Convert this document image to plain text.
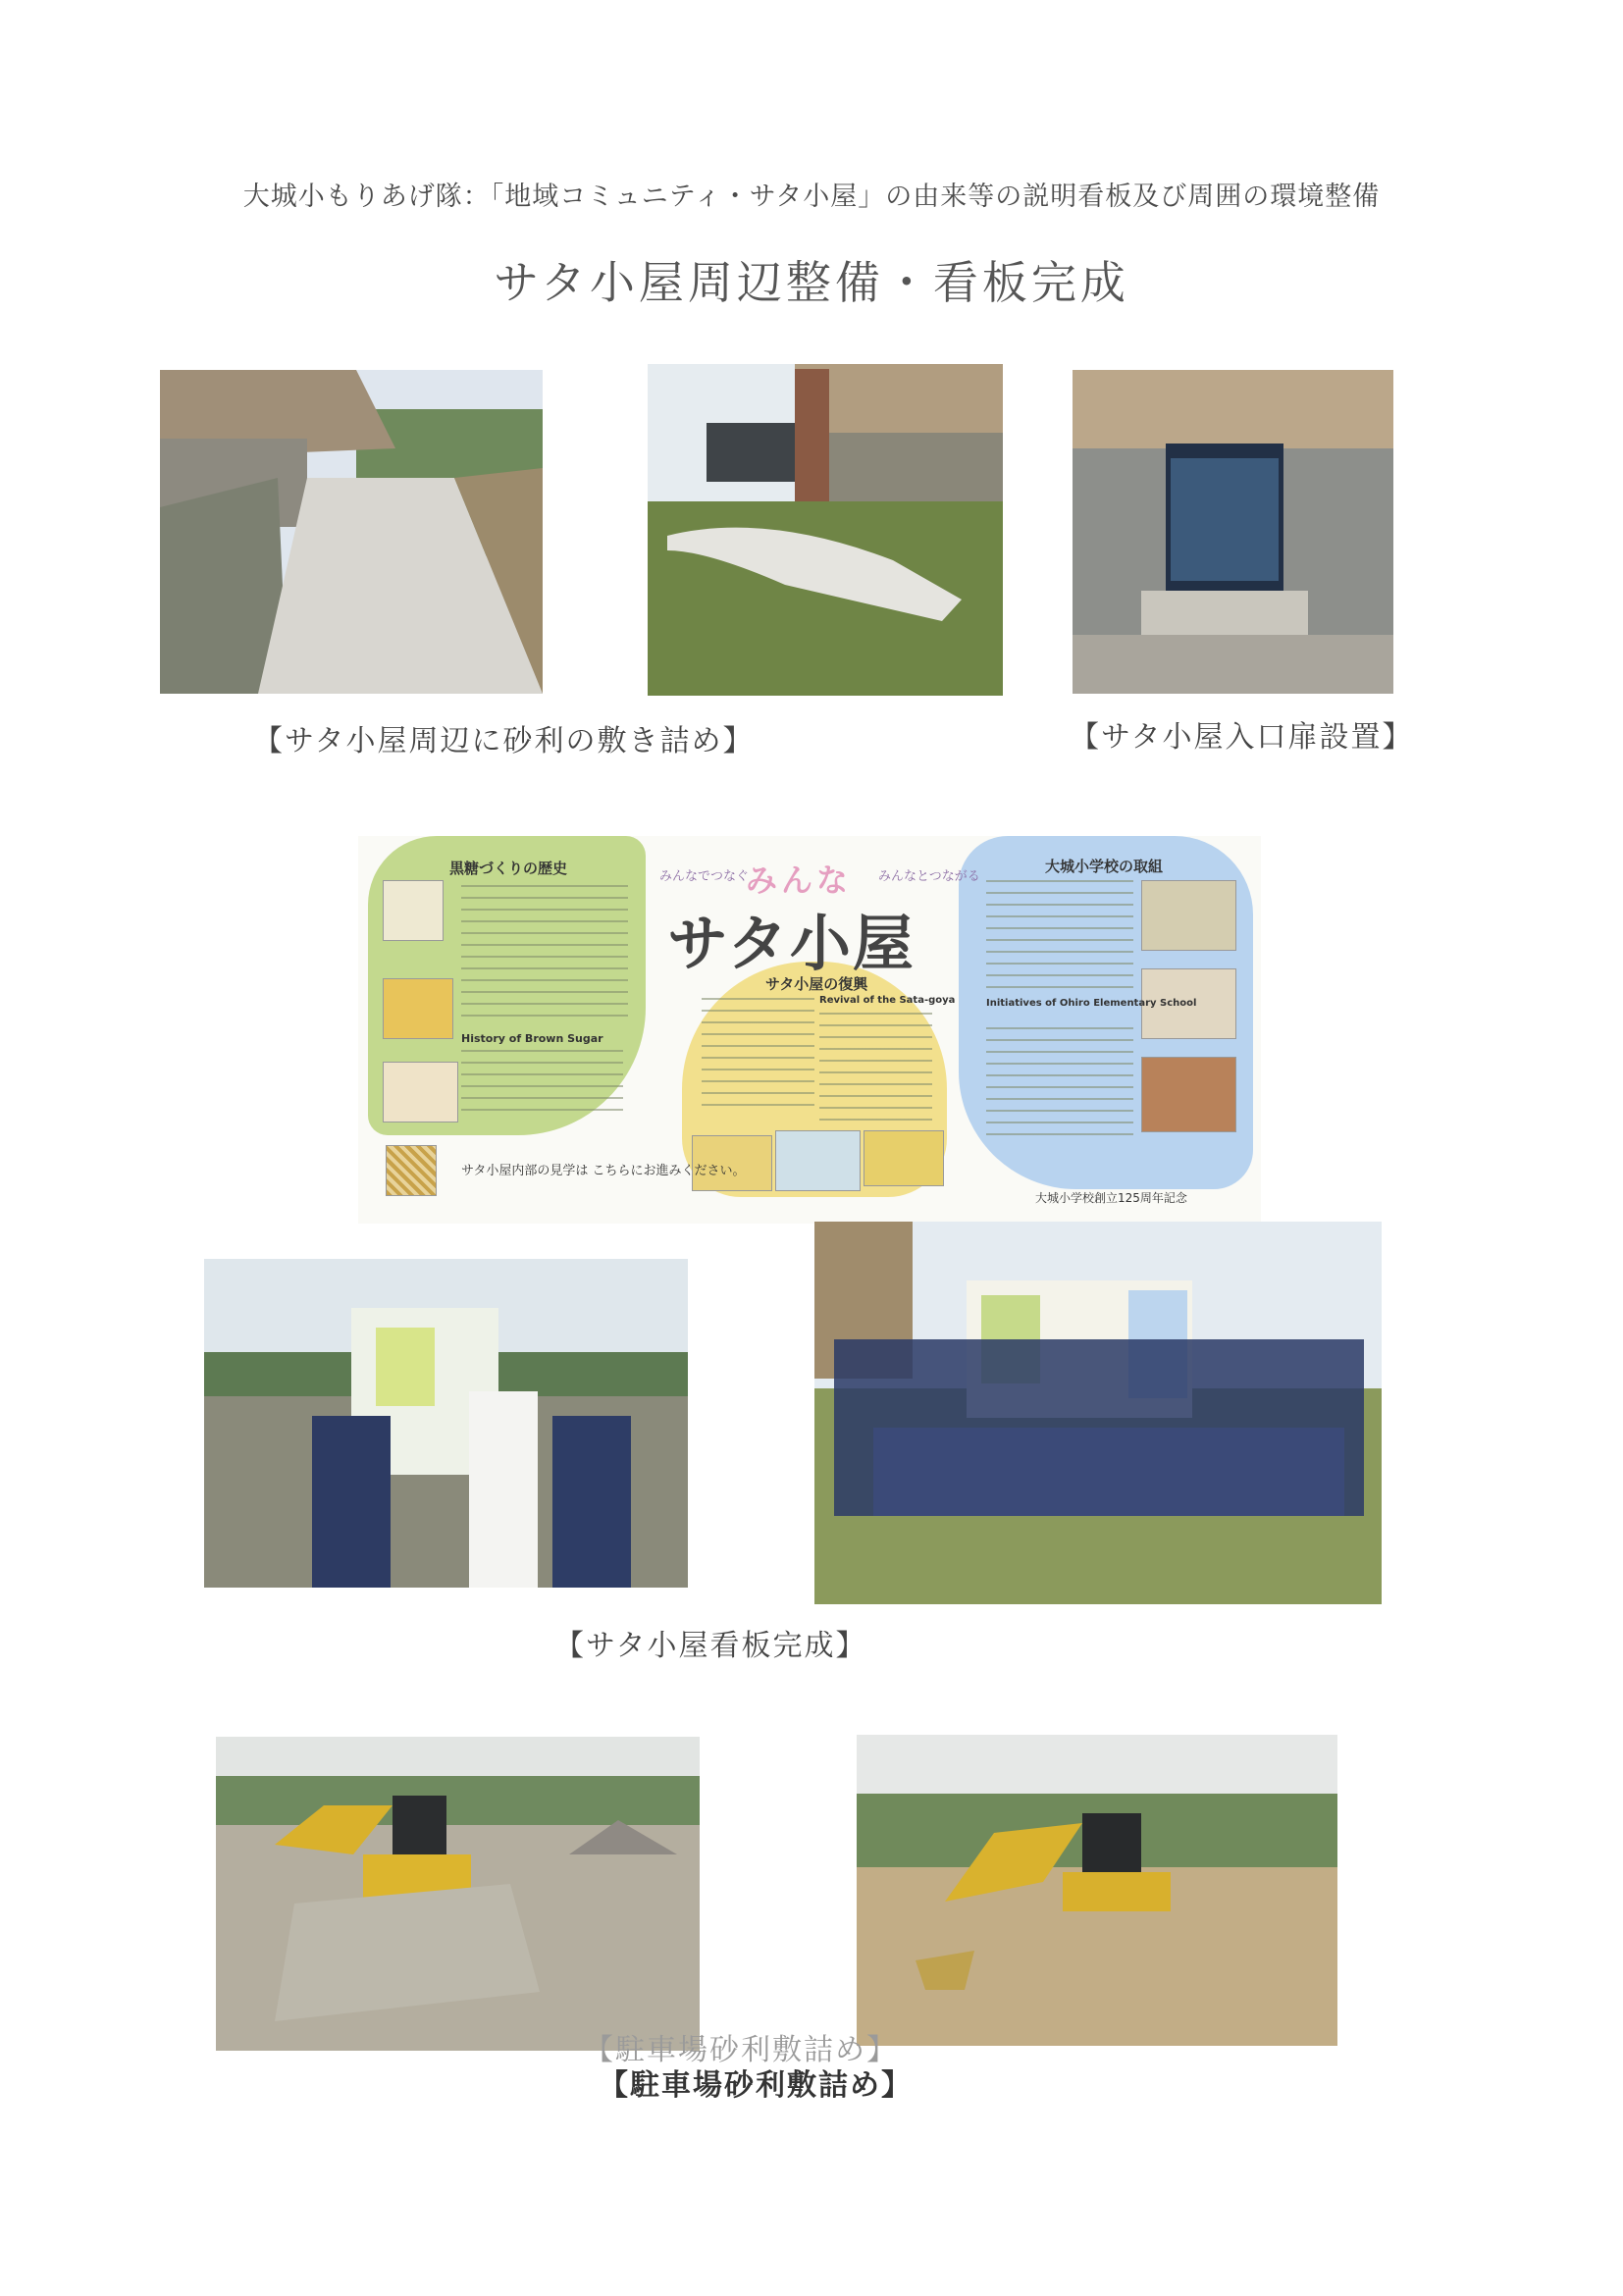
大城小もりあげ隊：「地域コミュニティ・サタ小屋」の由来等の説明看板及び周囲の環境整備
サタ小屋周辺整備・看板完成
【サタ小屋周辺に砂利の敷き詰め】	【サタ小屋入口扉設置】
黒糖づくりの歴史	みんなでつなぐ
みんな みんなとつながる
サタ小屋
サタ小屋の復興
大城小学校の取組
History of Brown Sugar
Revival of the Sata-goya	Initiatives of Ohiro Elementary School
サタ小屋内部の見学は こちらにお進みください。
大城小学校創立125周年記念
【サタ小屋看板完成】
【駐車場砂利敷詰め】
【駐車場砂利敷詰め】
